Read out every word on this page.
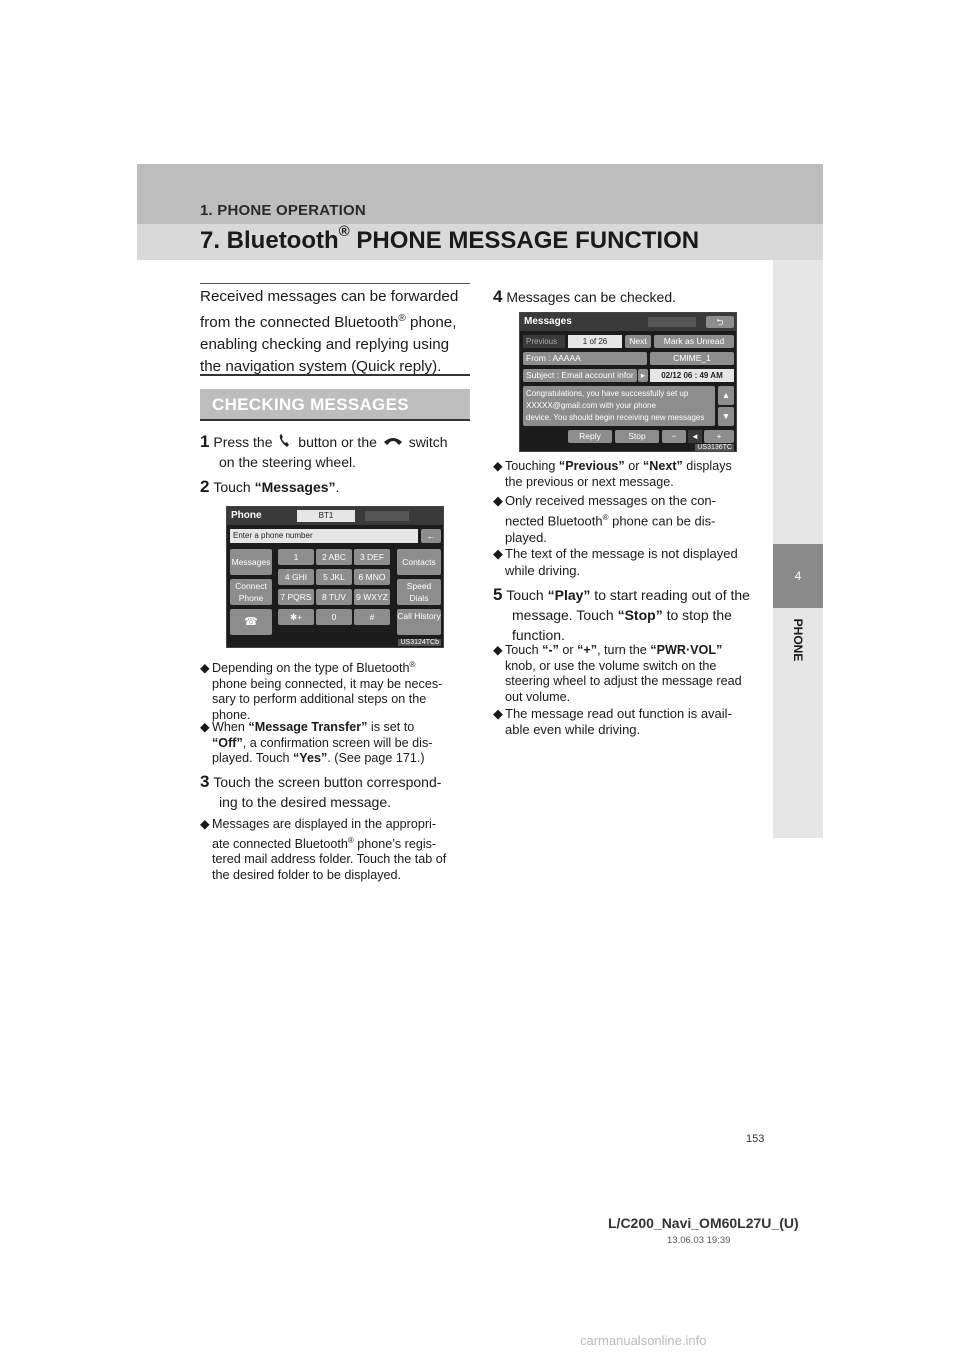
1. PHONE OPERATION
7. Bluetooth® PHONE MESSAGE FUNCTION
4
PHONE
Received messages can be forwarded
from the connected Bluetooth® phone,
enabling checking and replying using
the navigation system (Quick reply).
CHECKING MESSAGES
1 Press the button or the switch
on the steering wheel.
2 Touch “Messages”.
Phone	BT1
Enter a phone number	←
Messages
Connect Phone
☎
1	2 ABC	3 DEF
4 GHI	5 JKL	6 MNO
7 PQRS	8 TUV	9 WXYZ
✱+	0	#
Contacts
Speed Dials
Call History
US3124TCb
◆ Depending on the type of Bluetooth®
phone being connected, it may be neces-
sary to perform additional steps on the
phone.
◆ When “Message Transfer” is set to
“Off”, a confirmation screen will be dis-
played. Touch “Yes”. (See page 171.)
3 Touch the screen button correspond-
ing to the desired message.
◆ Messages are displayed in the appropri-
ate connected Bluetooth® phone’s regis-
tered mail address folder. Touch the tab of
the desired folder to be displayed.
4 Messages can be checked.
Messages	⮌
Previous	1 of 26	Next	Mark as Unread
From : AAAAA	CMIME_1
Subject : Email account infor ▸	02/12 06 : 49 AM
Congratulations, you have successfully set up
XXXXX@gmail.com with your phone
device. You should begin receiving new messages
▲
▼
Reply	Stop	−	◄	+
US3136TC
◆ Touching “Previous” or “Next” displays
the previous or next message.
◆ Only received messages on the con-
nected Bluetooth® phone can be dis-
played.
◆ The text of the message is not displayed
while driving.
5 Touch “Play” to start reading out of the
message. Touch “Stop” to stop the
function.
◆ Touch “-” or “+”, turn the “PWR·VOL”
knob, or use the volume switch on the
steering wheel to adjust the message read
out volume.
◆ The message read out function is avail-
able even while driving.
153
L/C200_Navi_OM60L27U_(U)
13.06.03 19:39
carmanualsonline.info
